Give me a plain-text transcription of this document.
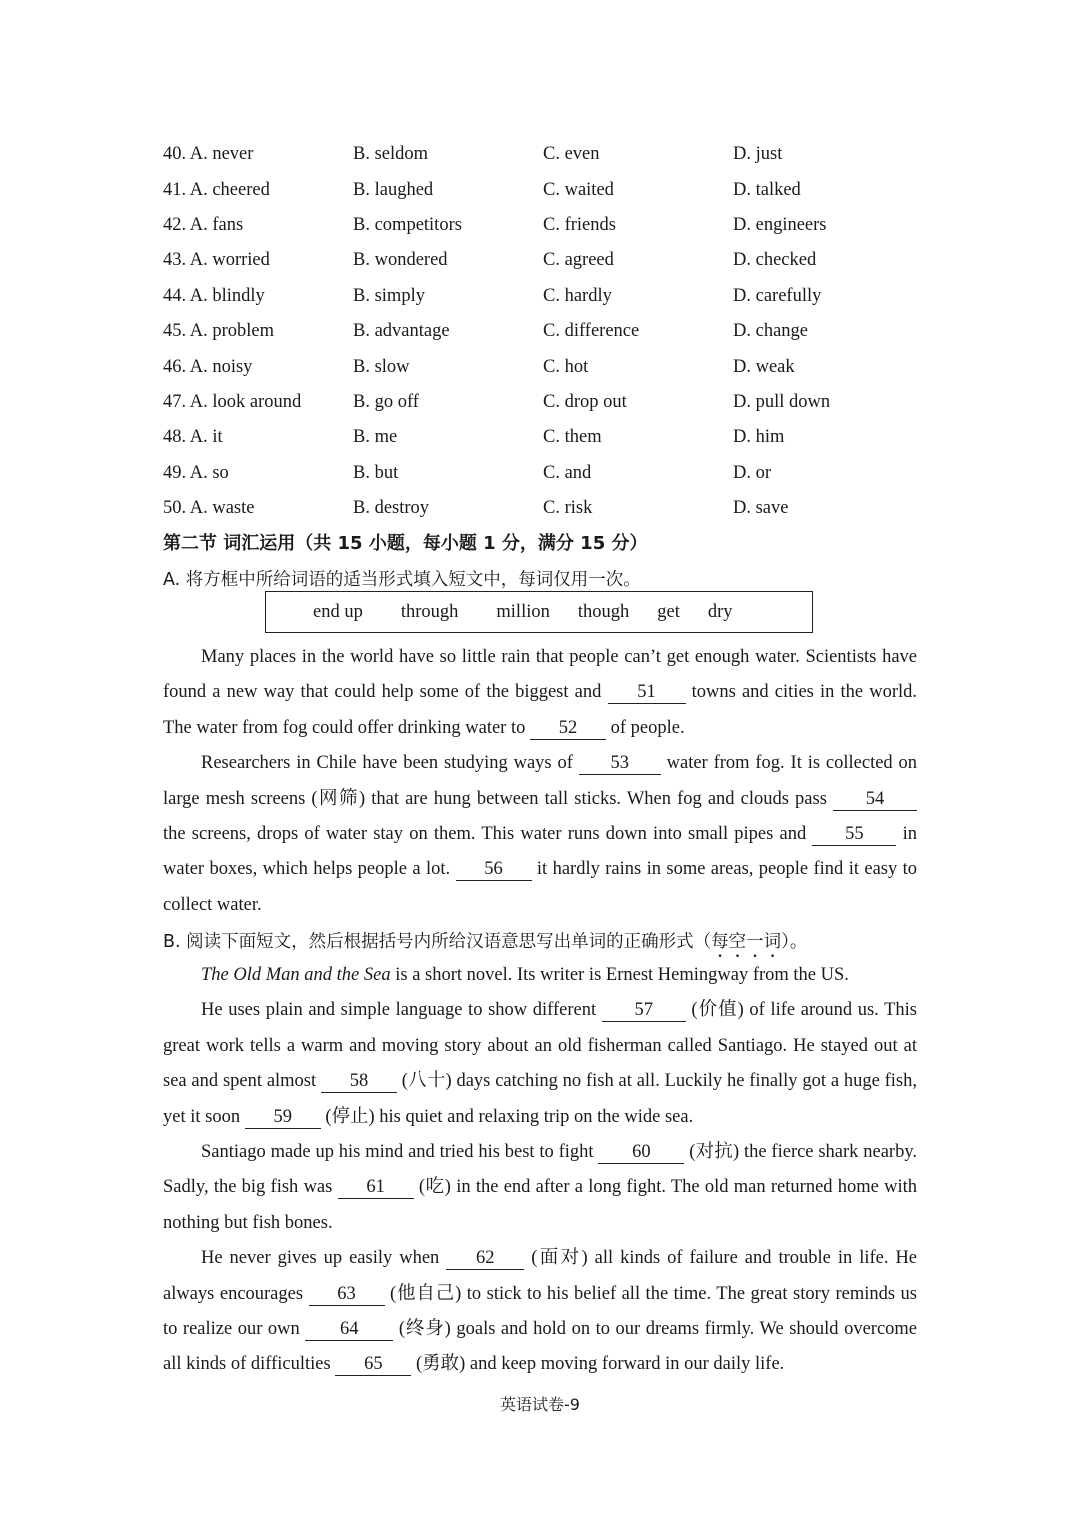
40. A. never	B. seldom	C. even	D. just
41. A. cheered	B. laughed	C. waited	D. talked
42. A. fans	B. competitors	C. friends	D. engineers
43. A. worried	B. wondered	C. agreed	D. checked
44. A. blindly	B. simply	C. hardly	D. carefully
45. A. problem	B. advantage	C. difference	D. change
46. A. noisy	B. slow	C. hot	D. weak
47. A. look around	B. go off	C. drop out	D. pull down
48. A. it	B. me	C. them	D. him
49. A. so	B. but	C. and	D. or
50. A. waste	B. destroy	C. risk	D. save
第二节 词汇运用（共 15 小题，每小题 1 分，满分 15 分）
A. 将方框中所给词语的适当形式填入短文中，每词仅用一次。
end up through million though get dry

Many places in the world have so little rain that people can’t get enough water. Scientists have found a new way that could help some of the biggest and 51 towns and cities in the world. The water from fog could offer drinking water to 52 of people.

Researchers in Chile have been studying ways of 53 water from fog. It is collected on large mesh screens (网筛) that are hung between tall sticks. When fog and clouds pass 54 the screens, drops of water stay on them. This water runs down into small pipes and 55 in water boxes, which helps people a lot. 56 it hardly rains in some areas, people find it easy to collect water.

B. 阅读下面短文，然后根据括号内所给汉语意思写出单词的正确形式（每空一词）。

The Old Man and the Sea is a short novel. Its writer is Ernest Hemingway from the US.

He uses plain and simple language to show different 57 (价值) of life around us. This great work tells a warm and moving story about an old fisherman called Santiago. He stayed out at sea and spent almost 58 (八十) days catching no fish at all. Luckily he finally got a huge fish, yet it soon 59 (停止) his quiet and relaxing trip on the wide sea.

Santiago made up his mind and tried his best to fight 60 (对抗) the fierce shark nearby. Sadly, the big fish was 61 (吃) in the end after a long fight. The old man returned home with nothing but fish bones.

He never gives up easily when 62 (面对) all kinds of failure and trouble in life. He always encourages 63 (他自己) to stick to his belief all the time. The great story reminds us to realize our own 64 (终身) goals and hold on to our dreams firmly. We should overcome all kinds of difficulties 65 (勇敢) and keep moving forward in our daily life.

英语试卷-9
